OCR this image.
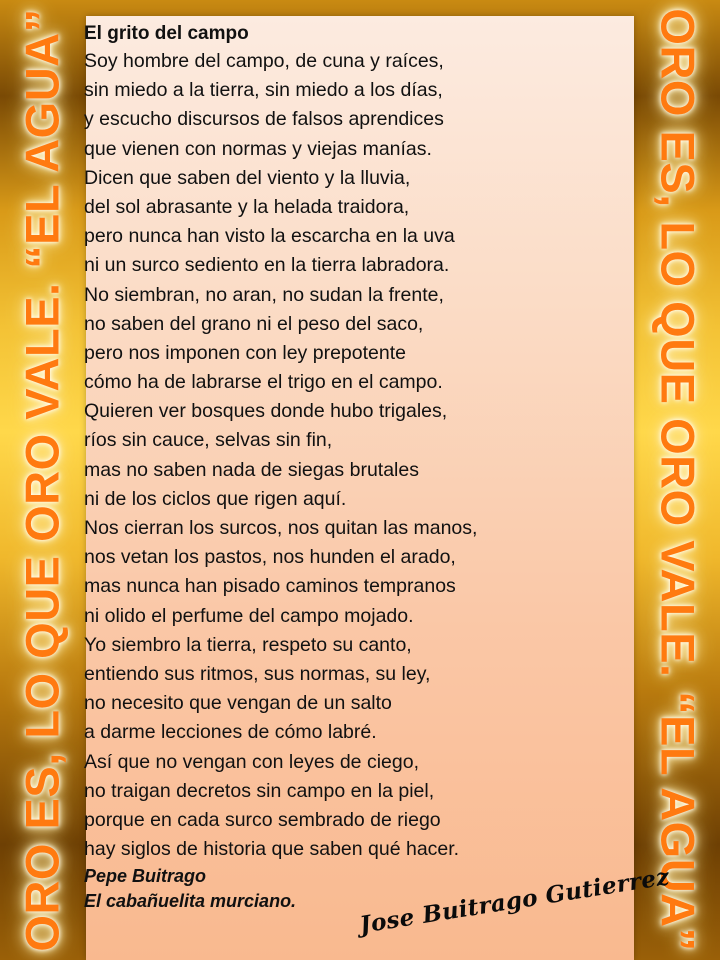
ORO ES, LO QUE ORO VALE. “EL AGUA”	ORO ES, LO QUE ORO VALE. “EL AGUA”
El grito del campo
Soy hombre del campo, de cuna y raíces,
sin miedo a la tierra, sin miedo a los días,
y escucho discursos de falsos aprendices
que vienen con normas y viejas manías.
Dicen que saben del viento y la lluvia,
del sol abrasante y la helada traidora,
pero nunca han visto la escarcha en la uva
ni un surco sediento en la tierra labradora.
No siembran, no aran, no sudan la frente,
no saben del grano ni el peso del saco,
pero nos imponen con ley prepotente
cómo ha de labrarse el trigo en el campo.
Quieren ver bosques donde hubo trigales,
ríos sin cauce, selvas sin fin,
mas no saben nada de siegas brutales
ni de los ciclos que rigen aquí.
Nos cierran los surcos, nos quitan las manos,
nos vetan los pastos, nos hunden el arado,
mas nunca han pisado caminos tempranos
ni olido el perfume del campo mojado.
Yo siembro la tierra, respeto su canto,
entiendo sus ritmos, sus normas, su ley,
no necesito que vengan de un salto
a darme lecciones de cómo labré.
Así que no vengan con leyes de ciego,
no traigan decretos sin campo en la piel,
porque en cada surco sembrado de riego
hay siglos de historia que saben qué hacer.
Pepe Buitrago
El cabañuelita murciano.	Jose Buitrago Gutierrez
